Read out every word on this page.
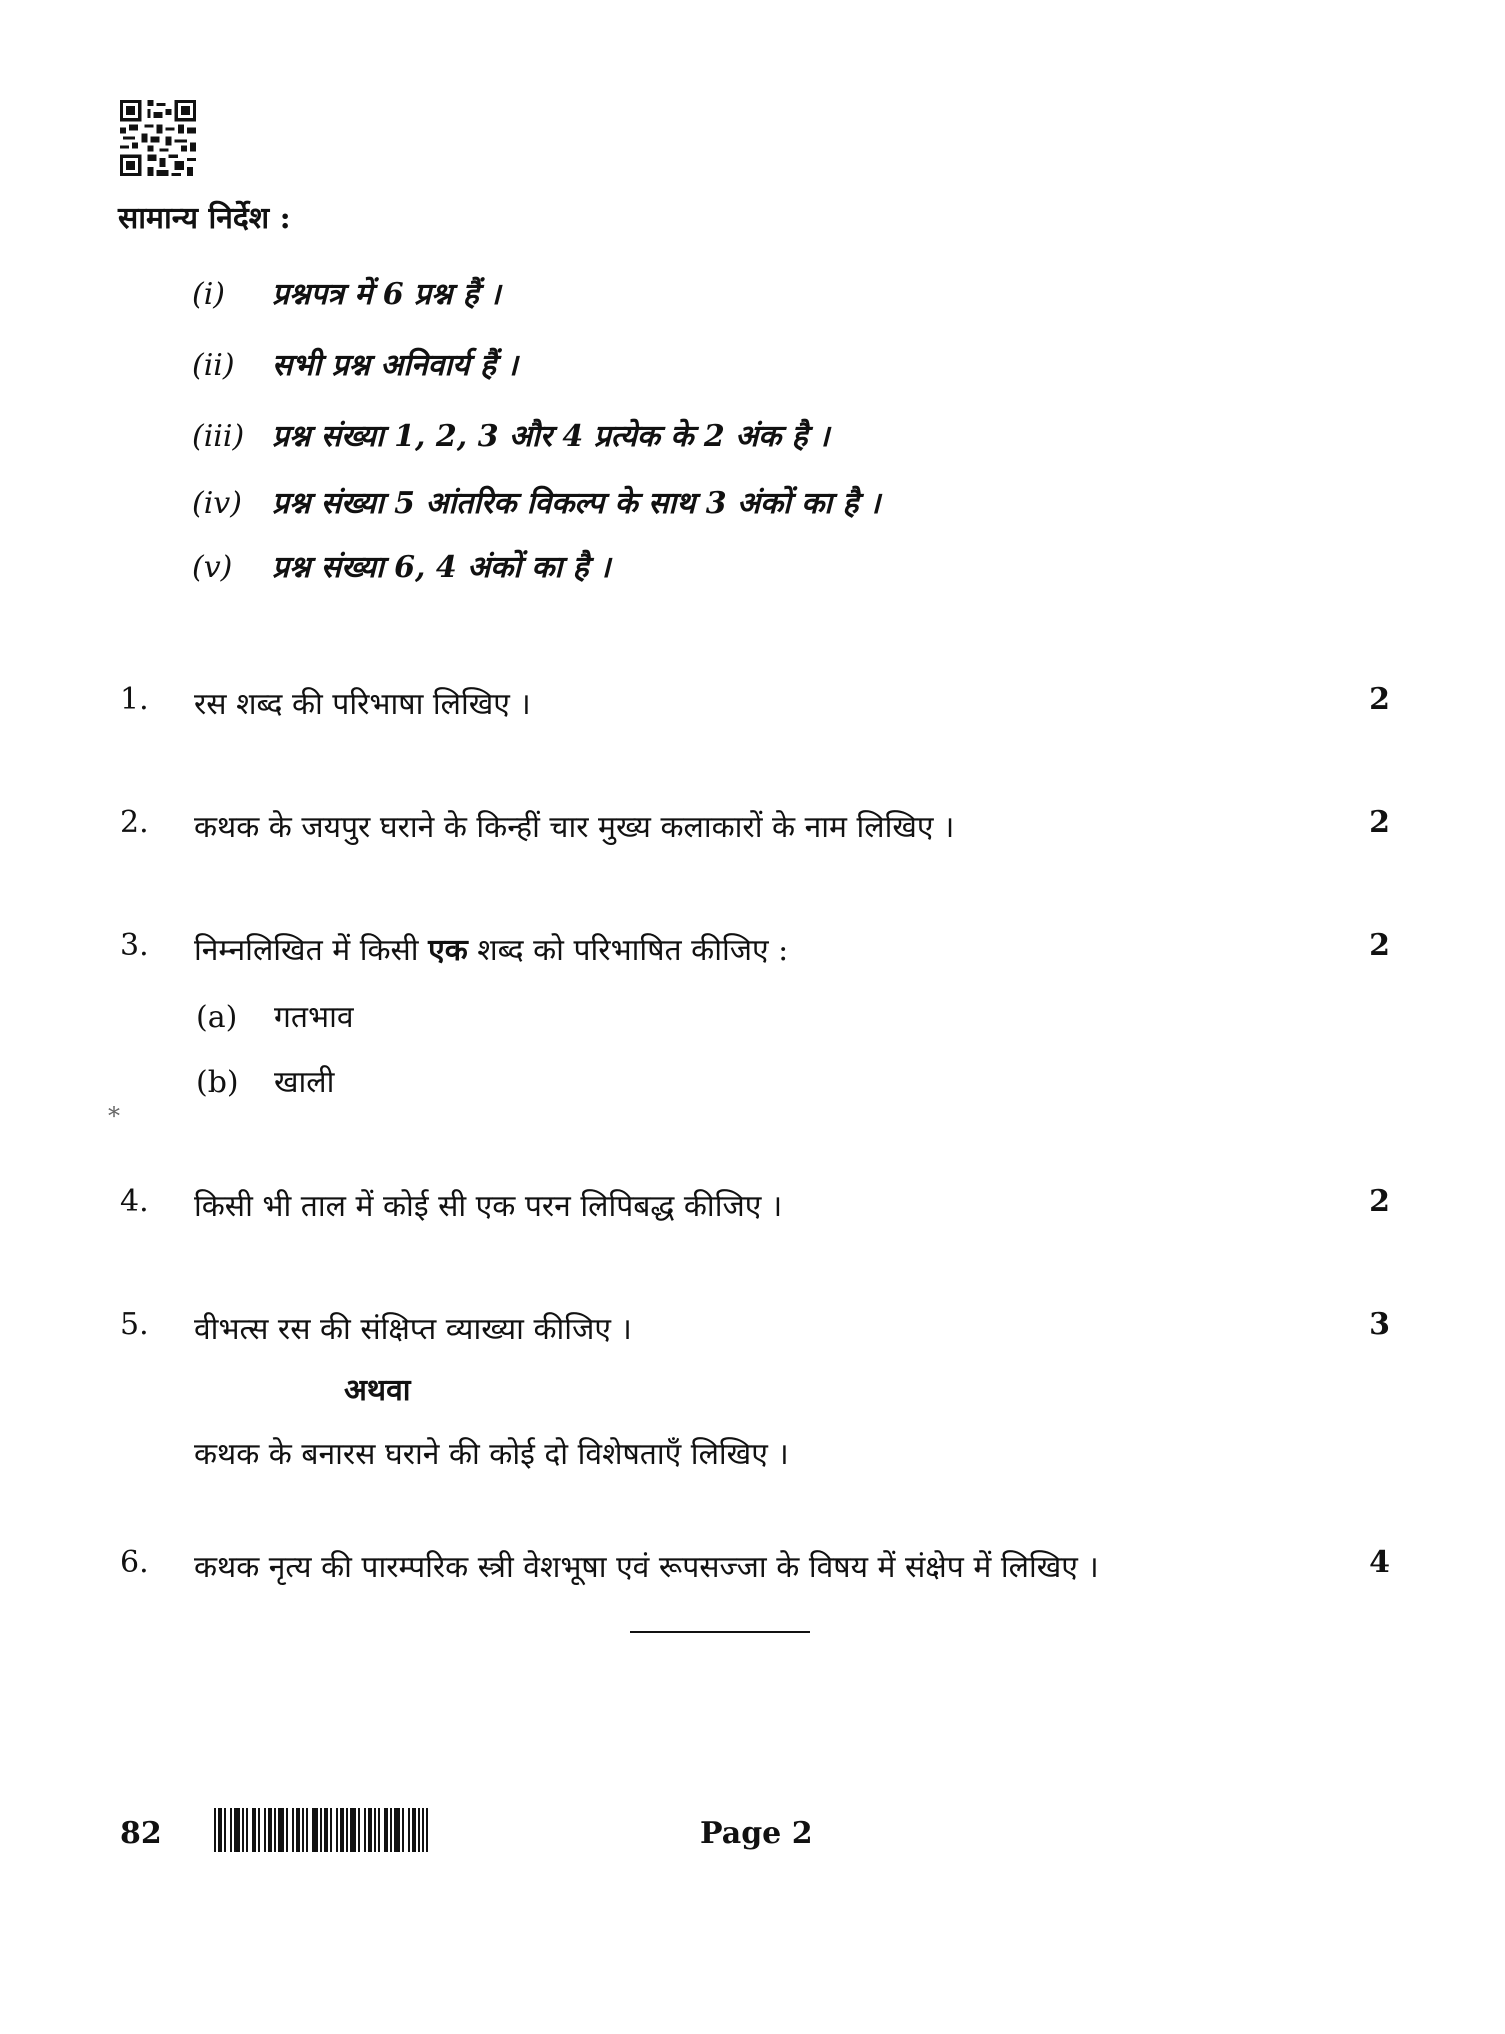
सामान्य निर्देश :
(i) प्रश्नपत्र में 6 प्रश्न हैं ।
(ii) सभी प्रश्न अनिवार्य हैं ।
(iii) प्रश्न संख्या 1, 2, 3 और 4 प्रत्येक के 2 अंक है ।
(iv) प्रश्न संख्या 5 आंतरिक विकल्प के साथ 3 अंकों का है ।
(v) प्रश्न संख्या 6, 4 अंकों का है ।
1. रस शब्द की परिभाषा लिखिए ।	2
2. कथक के जयपुर घराने के किन्हीं चार मुख्य कलाकारों के नाम लिखिए ।	2
3. निम्नलिखित में किसी एक शब्द को परिभाषित कीजिए :	2
(a) गतभाव
(b) खाली
*
4. किसी भी ताल में कोई सी एक परन लिपिबद्ध कीजिए ।	2
5. वीभत्स रस की संक्षिप्त व्याख्या कीजिए ।	3
अथवा
कथक के बनारस घराने की कोई दो विशेषताएँ लिखिए ।
6. कथक नृत्य की पारम्परिक स्त्री वेशभूषा एवं रूपसज्जा के विषय में संक्षेप में लिखिए ।	4
82	Page 2
